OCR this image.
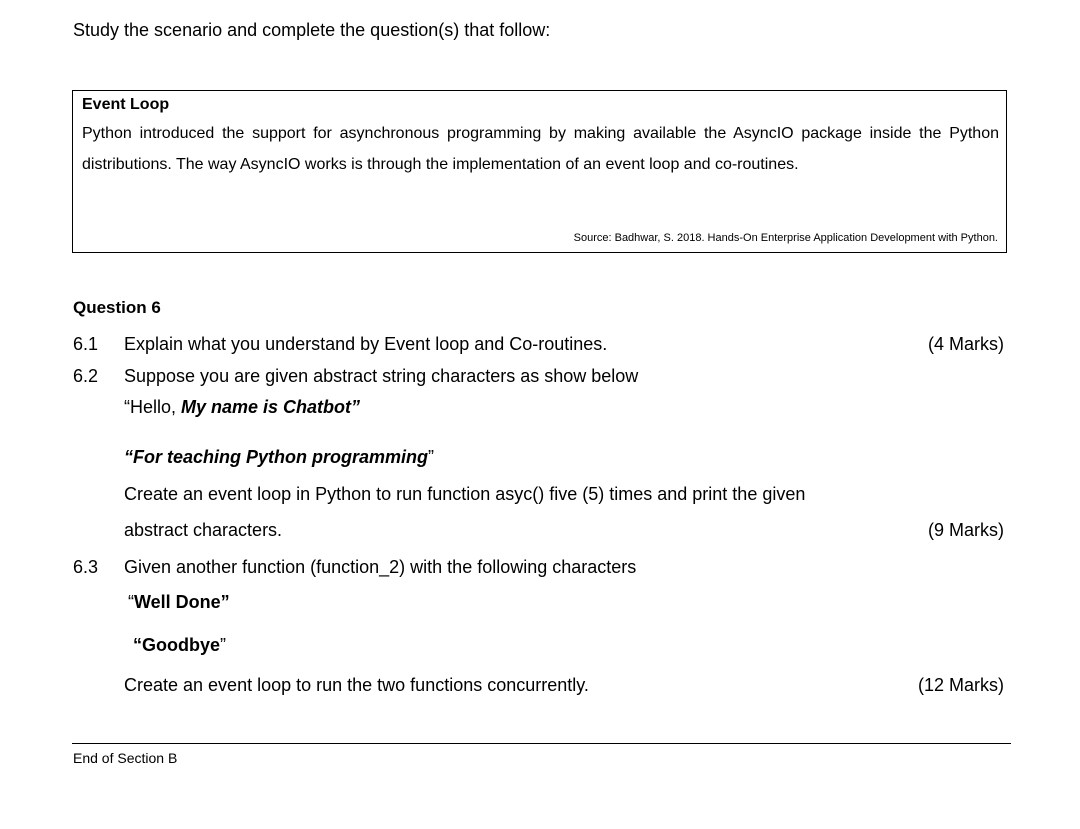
Study the scenario and complete the question(s) that follow:
Event Loop
Python introduced the support for asynchronous programming by making available the AsyncIO package inside the Python distributions. The way AsyncIO works is through the implementation of an event loop and co-routines.
Source: Badhwar, S. 2018. Hands-On Enterprise Application Development with Python.
Question 6
6.1 Explain what you understand by Event loop and Co-routines.	(4 Marks)
6.2 Suppose you are given abstract string characters as show below
“Hello, My name is Chatbot”
“For teaching Python programming”
Create an event loop in Python to run function asyc() five (5) times and print the given
abstract characters.	(9 Marks)
6.3 Given another function (function_2) with the following characters
“Well Done”
“Goodbye”
Create an event loop to run the two functions concurrently.	(12 Marks)
End of Section B
